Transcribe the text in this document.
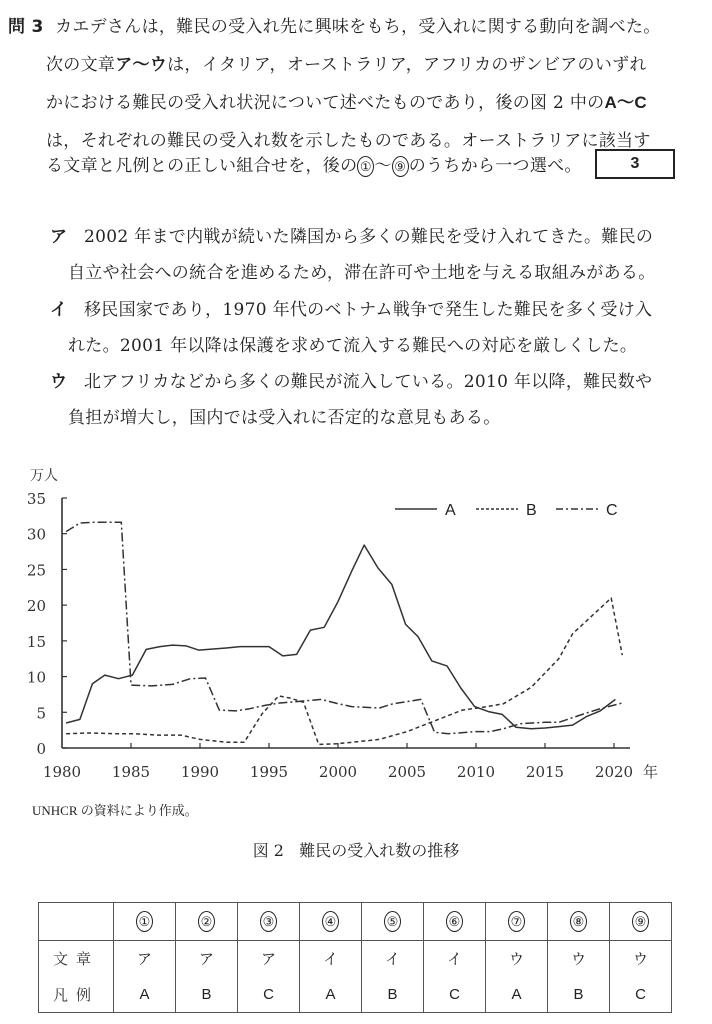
問 3 カエデさんは，難民の受入れ先に興味をもち，受入れに関する動向を調べた。
次の文章ア〜ウは，イタリア，オーストラリア，アフリカのザンビアのいずれ
かにおける難民の受入れ状況について述べたものであり，後の図 2 中のA〜C
は，それぞれの難民の受入れ数を示したものである。オーストラリアに該当す
る文章と凡例との正しい組合せを，後の ① 〜 ⑨ のうちから一つ選べ。	3
ア 2002 年まで内戦が続いた隣国から多くの難民を受け入れてきた。難民の
自立や社会への統合を進めるため，滞在許可や土地を与える取組みがある。
イ 移民国家であり，1970 年代のベトナム戦争で発生した難民を多く受け入
れた。2001 年以降は保護を求めて流入する難民への対応を厳しくした。
ウ 北アフリカなどから多くの難民が流入している。2010 年以降，難民数や
負担が増大し，国内では受入れに否定的な意見もある。
万人
0
5
10
15
20
25
30
35
1980 1985 1990 1995 2000 2005 2010 2015 2020
A	B	C
年
UNHCR の資料により作成。
図 2 難民の受入れ数の推移
	①	②	③	④	⑤	⑥	⑦	⑧	⑨
文章	ア	ア	ア	イ	イ	イ	ウ	ウ	ウ
凡例	A	B	C	A	B	C	A	B	C
